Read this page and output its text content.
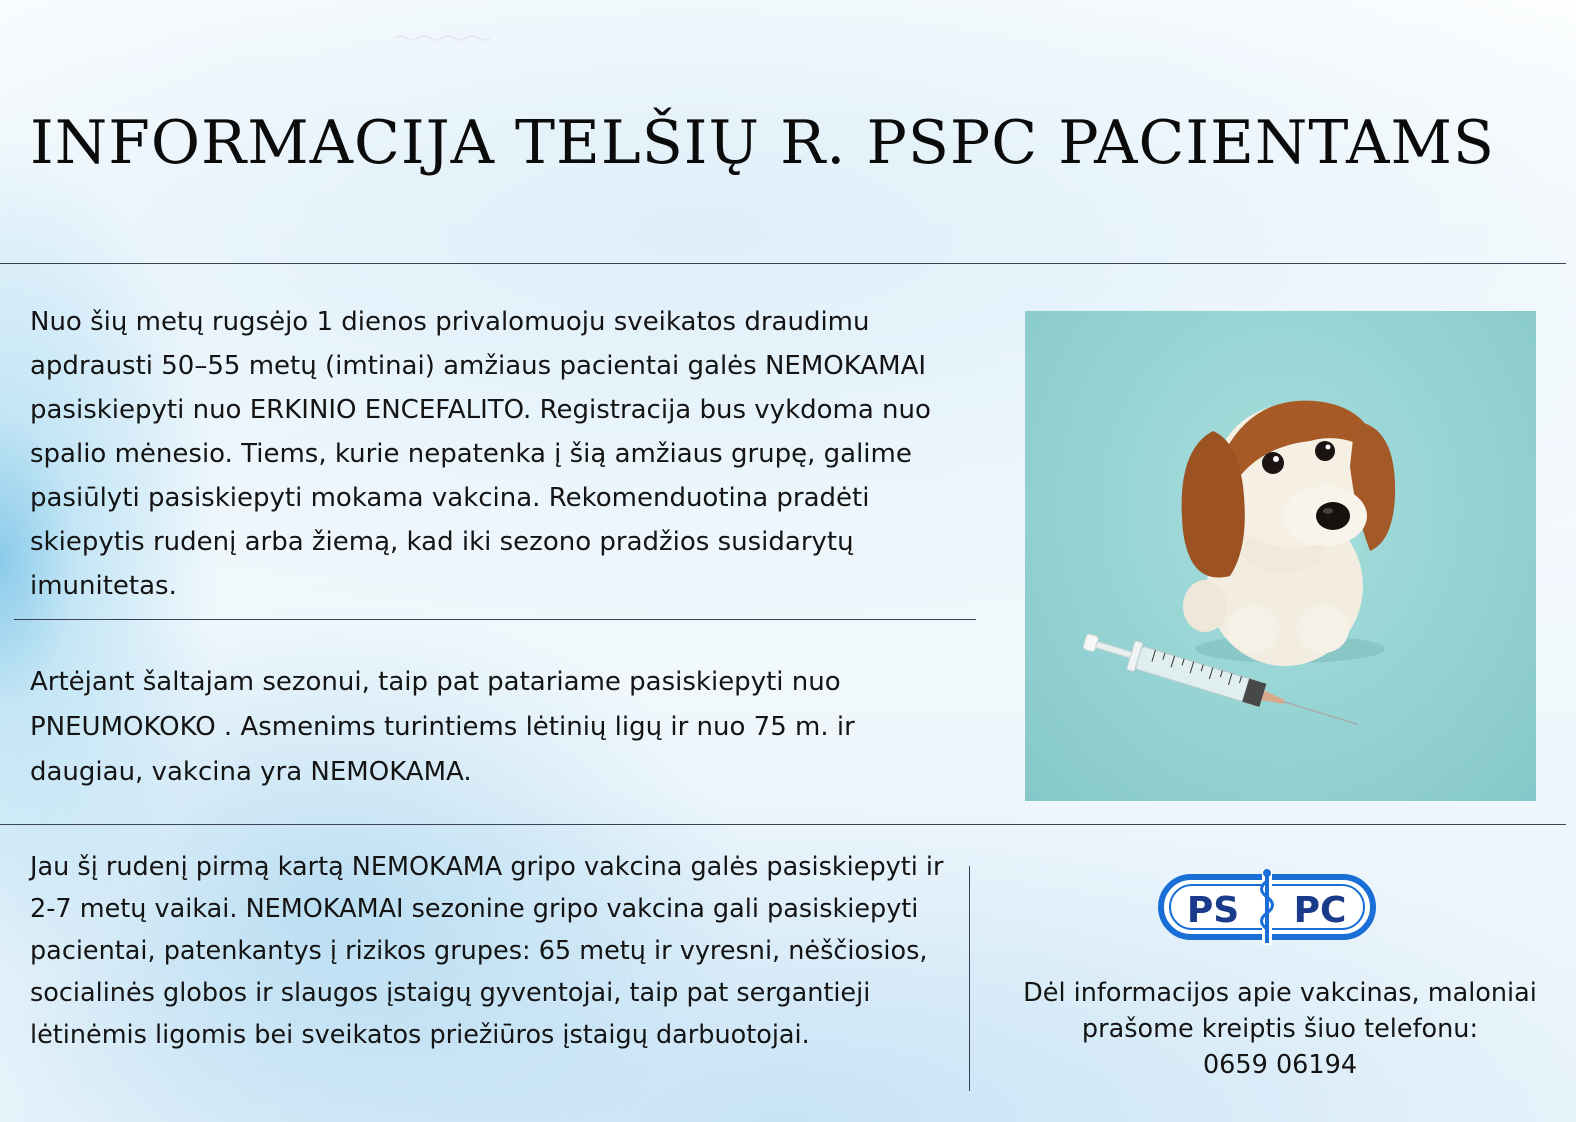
INFORMACIJA TELŠIŲ R. PSPC PACIENTAMS

Nuo šių metų rugsėjo 1 dienos privalomuoju sveikatos draudimu apdrausti 50–55 metų (imtinai) amžiaus pacientai galės NEMOKAMAI pasiskiepyti nuo ERKINIO ENCEFALITO. Registracija bus vykdoma nuo spalio mėnesio. Tiems, kurie nepatenka į šią amžiaus grupę, galime pasiūlyti pasiskiepyti mokama vakcina. Rekomenduotina pradėti skiepytis rudenį arba žiemą, kad iki sezono pradžios susidarytų imunitetas.

Artėjant šaltajam sezonui, taip pat patariame pasiskiepyti nuo PNEUMOKOKO . Asmenims turintiems lėtinių ligų ir nuo 75 m. ir daugiau, vakcina yra NEMOKAMA.

Jau šį rudenį pirmą kartą NEMOKAMA gripo vakcina galės pasiskiepyti ir 2-7 metų vaikai. NEMOKAMAI sezonine gripo vakcina gali pasiskiepyti pacientai, patenkantys į rizikos grupes: 65 metų ir vyresni, nėščiosios, socialinės globos ir slaugos įstaigų gyventojai, taip pat sergantieji lėtinėmis ligomis bei sveikatos priežiūros įstaigų darbuotojai.

PS PC

Dėl informacijos apie vakcinas, maloniai
prašome kreiptis šiuo telefonu:
0659 06194
